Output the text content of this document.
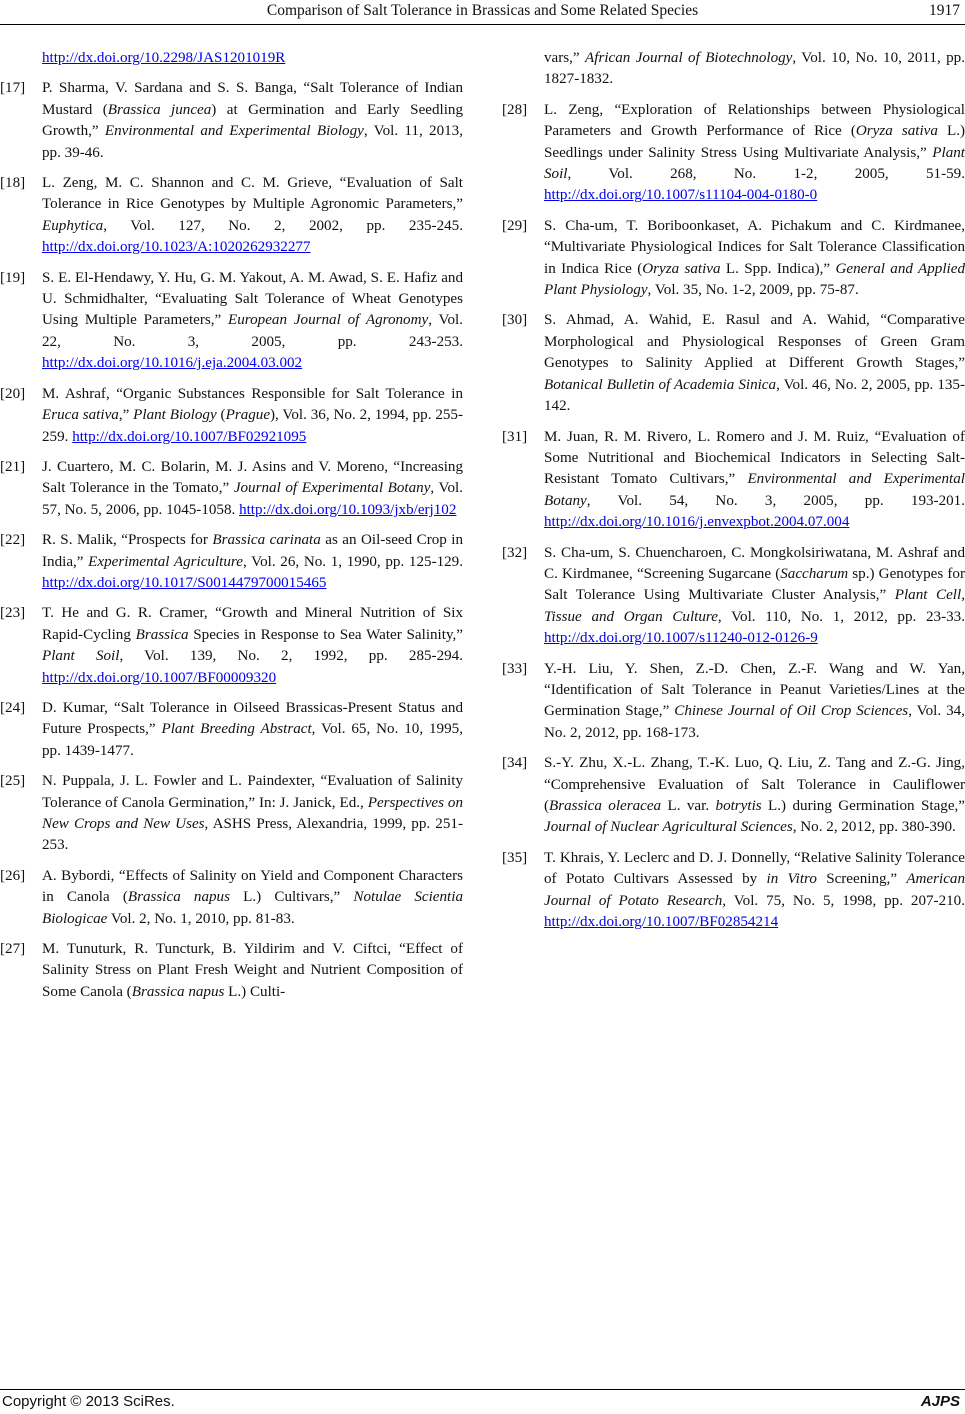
Comparison of Salt Tolerance in Brassicas and Some Related Species	1917
http://dx.doi.org/10.2298/JAS1201019R
[17] P. Sharma, V. Sardana and S. S. Banga, “Salt Tolerance of Indian Mustard (Brassica juncea) at Germination and Early Seedling Growth,” Environmental and Experimental Biology, Vol. 11, 2013, pp. 39-46.
[18] L. Zeng, M. C. Shannon and C. M. Grieve, “Evaluation of Salt Tolerance in Rice Genotypes by Multiple Agronomic Parameters,” Euphytica, Vol. 127, No. 2, 2002, pp. 235-245. http://dx.doi.org/10.1023/A:1020262932277
[19] S. E. El-Hendawy, Y. Hu, G. M. Yakout, A. M. Awad, S. E. Hafiz and U. Schmidhalter, “Evaluating Salt Tolerance of Wheat Genotypes Using Multiple Parameters,” European Journal of Agronomy, Vol. 22, No. 3, 2005, pp. 243-253. http://dx.doi.org/10.1016/j.eja.2004.03.002
[20] M. Ashraf, “Organic Substances Responsible for Salt Tolerance in Eruca sativa,” Plant Biology (Prague), Vol. 36, No. 2, 1994, pp. 255-259. http://dx.doi.org/10.1007/BF02921095
[21] J. Cuartero, M. C. Bolarin, M. J. Asins and V. Moreno, “Increasing Salt Tolerance in the Tomato,” Journal of Experimental Botany, Vol. 57, No. 5, 2006, pp. 1045-1058. http://dx.doi.org/10.1093/jxb/erj102
[22] R. S. Malik, “Prospects for Brassica carinata as an Oil-seed Crop in India,” Experimental Agriculture, Vol. 26, No. 1, 1990, pp. 125-129. http://dx.doi.org/10.1017/S0014479700015465
[23] T. He and G. R. Cramer, “Growth and Mineral Nutrition of Six Rapid-Cycling Brassica Species in Response to Sea Water Salinity,” Plant Soil, Vol. 139, No. 2, 1992, pp. 285-294. http://dx.doi.org/10.1007/BF00009320
[24] D. Kumar, “Salt Tolerance in Oilseed Brassicas-Present Status and Future Prospects,” Plant Breeding Abstract, Vol. 65, No. 10, 1995, pp. 1439-1477.
[25] N. Puppala, J. L. Fowler and L. Paindexter, “Evaluation of Salinity Tolerance of Canola Germination,” In: J. Janick, Ed., Perspectives on New Crops and New Uses, ASHS Press, Alexandria, 1999, pp. 251-253.
[26] A. Bybordi, “Effects of Salinity on Yield and Component Characters in Canola (Brassica napus L.) Cultivars,” Notulae Scientia Biologicae Vol. 2, No. 1, 2010, pp. 81-83.
[27] M. Tunuturk, R. Tuncturk, B. Yildirim and V. Ciftci, “Effect of Salinity Stress on Plant Fresh Weight and Nutrient Composition of Some Canola (Brassica napus L.) Culti-
vars,” African Journal of Biotechnology, Vol. 10, No. 10, 2011, pp. 1827-1832.
[28] L. Zeng, “Exploration of Relationships between Physiological Parameters and Growth Performance of Rice (Oryza sativa L.) Seedlings under Salinity Stress Using Multivariate Analysis,” Plant Soil, Vol. 268, No. 1-2, 2005, 51-59. http://dx.doi.org/10.1007/s11104-004-0180-0
[29] S. Cha-um, T. Boriboonkaset, A. Pichakum and C. Kirdmanee, “Multivariate Physiological Indices for Salt Tolerance Classification in Indica Rice (Oryza sativa L. Spp. Indica),” General and Applied Plant Physiology, Vol. 35, No. 1-2, 2009, pp. 75-87.
[30] S. Ahmad, A. Wahid, E. Rasul and A. Wahid, “Comparative Morphological and Physiological Responses of Green Gram Genotypes to Salinity Applied at Different Growth Stages,” Botanical Bulletin of Academia Sinica, Vol. 46, No. 2, 2005, pp. 135-142.
[31] M. Juan, R. M. Rivero, L. Romero and J. M. Ruiz, “Evaluation of Some Nutritional and Biochemical Indicators in Selecting Salt-Resistant Tomato Cultivars,” Environmental and Experimental Botany, Vol. 54, No. 3, 2005, pp. 193-201. http://dx.doi.org/10.1016/j.envexpbot.2004.07.004
[32] S. Cha-um, S. Chuencharoen, C. Mongkolsiriwatana, M. Ashraf and C. Kirdmanee, “Screening Sugarcane (Saccharum sp.) Genotypes for Salt Tolerance Using Multivariate Cluster Analysis,” Plant Cell, Tissue and Organ Culture, Vol. 110, No. 1, 2012, pp. 23-33. http://dx.doi.org/10.1007/s11240-012-0126-9
[33] Y.-H. Liu, Y. Shen, Z.-D. Chen, Z.-F. Wang and W. Yan, “Identification of Salt Tolerance in Peanut Varieties/Lines at the Germination Stage,” Chinese Journal of Oil Crop Sciences, Vol. 34, No. 2, 2012, pp. 168-173.
[34] S.-Y. Zhu, X.-L. Zhang, T.-K. Luo, Q. Liu, Z. Tang and Z.-G. Jing, “Comprehensive Evaluation of Salt Tolerance in Cauliflower (Brassica oleracea L. var. botrytis L.) during Germination Stage,” Journal of Nuclear Agricultural Sciences, No. 2, 2012, pp. 380-390.
[35] T. Khrais, Y. Leclerc and D. J. Donnelly, “Relative Salinity Tolerance of Potato Cultivars Assessed by in Vitro Screening,” American Journal of Potato Research, Vol. 75, No. 5, 1998, pp. 207-210. http://dx.doi.org/10.1007/BF02854214
Copyright © 2013 SciRes.	AJPS
